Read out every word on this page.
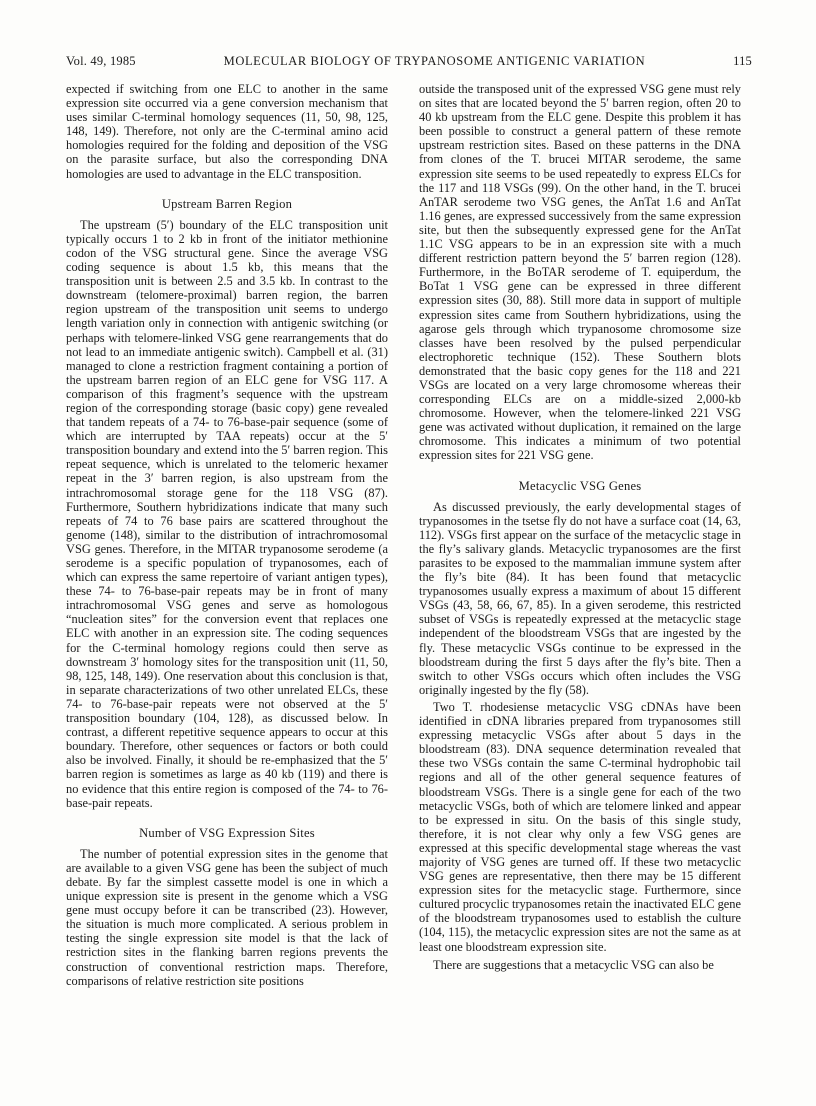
Vol. 49, 1985	MOLECULAR BIOLOGY OF TRYPANOSOME ANTIGENIC VARIATION	115

expected if switching from one ELC to another in the same expression site occurred via a gene conversion mechanism that uses similar C-terminal homology sequences (11, 50, 98, 125, 148, 149). Therefore, not only are the C-terminal amino acid homologies required for the folding and deposition of the VSG on the parasite surface, but also the corresponding DNA homologies are used to advantage in the ELC transposition.

Upstream Barren Region

The upstream (5′) boundary of the ELC transposition unit typically occurs 1 to 2 kb in front of the initiator methionine codon of the VSG structural gene. Since the average VSG coding sequence is about 1.5 kb, this means that the transposition unit is between 2.5 and 3.5 kb. In contrast to the downstream (telomere-proximal) barren region, the barren region upstream of the transposition unit seems to undergo length variation only in connection with antigenic switching (or perhaps with telomere-linked VSG gene rearrangements that do not lead to an immediate antigenic switch). Campbell et al. (31) managed to clone a restriction fragment containing a portion of the upstream barren region of an ELC gene for VSG 117. A comparison of this fragment’s sequence with the upstream region of the corresponding storage (basic copy) gene revealed that tandem repeats of a 74- to 76-base-pair sequence (some of which are interrupted by TAA repeats) occur at the 5′ transposition boundary and extend into the 5′ barren region. This repeat sequence, which is unrelated to the telomeric hexamer repeat in the 3′ barren region, is also upstream from the intrachromosomal storage gene for the 118 VSG (87). Furthermore, Southern hybridizations indicate that many such repeats of 74 to 76 base pairs are scattered throughout the genome (148), similar to the distribution of intrachromosomal VSG genes. Therefore, in the MITAR trypanosome serodeme (a serodeme is a specific population of trypanosomes, each of which can express the same repertoire of variant antigen types), these 74- to 76-base-pair repeats may be in front of many intrachromosomal VSG genes and serve as homologous “nucleation sites” for the conversion event that replaces one ELC with another in an expression site. The coding sequences for the C-terminal homology regions could then serve as downstream 3′ homology sites for the transposition unit (11, 50, 98, 125, 148, 149). One reservation about this conclusion is that, in separate characterizations of two other unrelated ELCs, these 74- to 76-base-pair repeats were not observed at the 5′ transposition boundary (104, 128), as discussed below. In contrast, a different repetitive sequence appears to occur at this boundary. Therefore, other sequences or factors or both could also be involved. Finally, it should be re-emphasized that the 5′ barren region is sometimes as large as 40 kb (119) and there is no evidence that this entire region is composed of the 74- to 76-base-pair repeats.

Number of VSG Expression Sites

The number of potential expression sites in the genome that are available to a given VSG gene has been the subject of much debate. By far the simplest cassette model is one in which a unique expression site is present in the genome which a VSG gene must occupy before it can be transcribed (23). However, the situation is much more complicated. A serious problem in testing the single expression site model is that the lack of restriction sites in the flanking barren regions prevents the construction of conventional restriction maps. Therefore, comparisons of relative restriction site positions

outside the transposed unit of the expressed VSG gene must rely on sites that are located beyond the 5′ barren region, often 20 to 40 kb upstream from the ELC gene. Despite this problem it has been possible to construct a general pattern of these remote upstream restriction sites. Based on these patterns in the DNA from clones of the T. brucei MITAR serodeme, the same expression site seems to be used repeatedly to express ELCs for the 117 and 118 VSGs (99). On the other hand, in the T. brucei AnTAR serodeme two VSG genes, the AnTat 1.6 and AnTat 1.16 genes, are expressed successively from the same expression site, but then the subsequently expressed gene for the AnTat 1.1C VSG appears to be in an expression site with a much different restriction pattern beyond the 5′ barren region (128). Furthermore, in the BoTAR serodeme of T. equiperdum, the BoTat 1 VSG gene can be expressed in three different expression sites (30, 88). Still more data in support of multiple expression sites came from Southern hybridizations, using the agarose gels through which trypanosome chromosome size classes have been resolved by the pulsed perpendicular electrophoretic technique (152). These Southern blots demonstrated that the basic copy genes for the 118 and 221 VSGs are located on a very large chromosome whereas their corresponding ELCs are on a middle-sized 2,000-kb chromosome. However, when the telomere-linked 221 VSG gene was activated without duplication, it remained on the large chromosome. This indicates a minimum of two potential expression sites for 221 VSG gene.

Metacyclic VSG Genes

As discussed previously, the early developmental stages of trypanosomes in the tsetse fly do not have a surface coat (14, 63, 112). VSGs first appear on the surface of the metacyclic stage in the fly’s salivary glands. Metacyclic trypanosomes are the first parasites to be exposed to the mammalian immune system after the fly’s bite (84). It has been found that metacyclic trypanosomes usually express a maximum of about 15 different VSGs (43, 58, 66, 67, 85). In a given serodeme, this restricted subset of VSGs is repeatedly expressed at the metacyclic stage independent of the bloodstream VSGs that are ingested by the fly. These metacyclic VSGs continue to be expressed in the bloodstream during the first 5 days after the fly’s bite. Then a switch to other VSGs occurs which often includes the VSG originally ingested by the fly (58).

Two T. rhodesiense metacyclic VSG cDNAs have been identified in cDNA libraries prepared from trypanosomes still expressing metacyclic VSGs after about 5 days in the bloodstream (83). DNA sequence determination revealed that these two VSGs contain the same C-terminal hydrophobic tail regions and all of the other general sequence features of bloodstream VSGs. There is a single gene for each of the two metacyclic VSGs, both of which are telomere linked and appear to be expressed in situ. On the basis of this single study, therefore, it is not clear why only a few VSG genes are expressed at this specific developmental stage whereas the vast majority of VSG genes are turned off. If these two metacyclic VSG genes are representative, then there may be 15 different expression sites for the metacyclic stage. Furthermore, since cultured procyclic trypanosomes retain the inactivated ELC gene of the bloodstream trypanosomes used to establish the culture (104, 115), the metacyclic expression sites are not the same as at least one bloodstream expression site.

There are suggestions that a metacyclic VSG can also be
